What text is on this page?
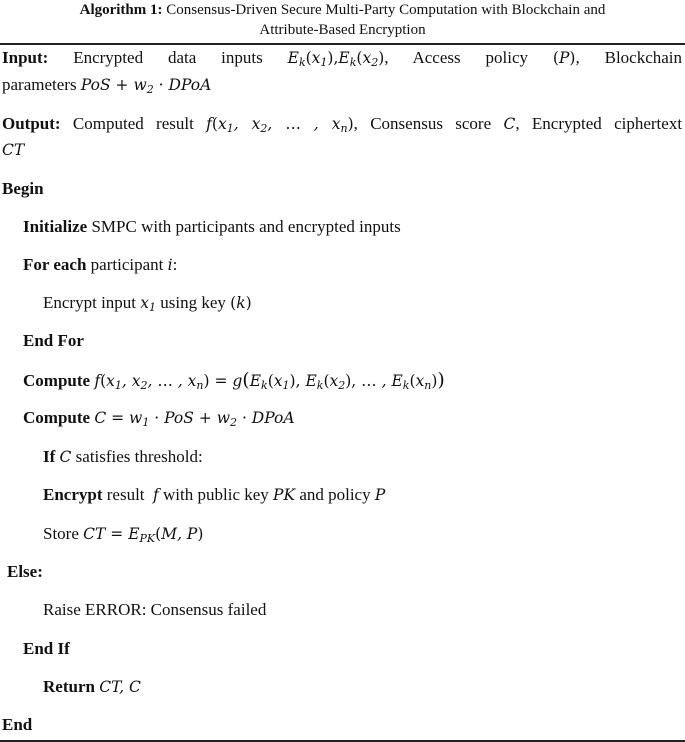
Algorithm 1: Consensus-Driven Secure Multi-Party Computation with Blockchain and
Attribute-Based Encryption
Input: Encrypted data inputs $E_k(x_1),E_k(x_2)$, Access policy (P), Blockchain
parameters PoS + $w_2$ · DPoA
Output: Computed result $f(x_1$, $x_2$, … , $x_n$), Consensus score C, Encrypted ciphertext
CT
Begin
Initialize SMPC with participants and encrypted inputs
For each participant i:
Encrypt input $x_1$ using key (k)
End For
Compute $f(x_1$, $x_2$, … , $x_n) = g(E_k(x_1)$, $E_k(x_2)$, … , $E_k(x_n)$)
Compute $C = w_1$ · PoS + $w_2$ · DPoA
If C satisfies threshold:
Encrypt result f with public key PK and policy P
Store CT = $E_{PK}(M$, P)
Else:
Raise ERROR: Consensus failed
End If
Return CT, C
End
